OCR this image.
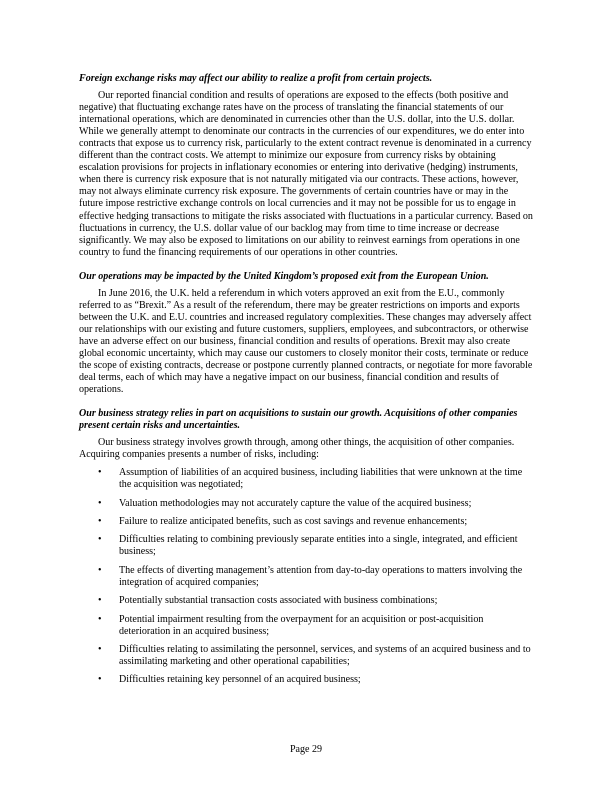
Foreign exchange risks may affect our ability to realize a profit from certain projects.

Our reported financial condition and results of operations are exposed to the effects (both positive and negative) that fluctuating exchange rates have on the process of translating the financial statements of our international operations, which are denominated in currencies other than the U.S. dollar, into the U.S. dollar. While we generally attempt to denominate our contracts in the currencies of our expenditures, we do enter into contracts that expose us to currency risk, particularly to the extent contract revenue is denominated in a currency different than the contract costs. We attempt to minimize our exposure from currency risks by obtaining escalation provisions for projects in inflationary economies or entering into derivative (hedging) instruments, when there is currency risk exposure that is not naturally mitigated via our contracts. These actions, however, may not always eliminate currency risk exposure. The governments of certain countries have or may in the future impose restrictive exchange controls on local currencies and it may not be possible for us to engage in effective hedging transactions to mitigate the risks associated with fluctuations in a particular currency. Based on fluctuations in currency, the U.S. dollar value of our backlog may from time to time increase or decrease significantly. We may also be exposed to limitations on our ability to reinvest earnings from operations in one country to fund the financing requirements of our operations in other countries.

Our operations may be impacted by the United Kingdom’s proposed exit from the European Union.

In June 2016, the U.K. held a referendum in which voters approved an exit from the E.U., commonly referred to as “Brexit.” As a result of the referendum, there may be greater restrictions on imports and exports between the U.K. and E.U. countries and increased regulatory complexities. These changes may adversely affect our relationships with our existing and future customers, suppliers, employees, and subcontractors, or otherwise have an adverse effect on our business, financial condition and results of operations. Brexit may also create global economic uncertainty, which may cause our customers to closely monitor their costs, terminate or reduce the scope of existing contracts, decrease or postpone currently planned contracts, or negotiate for more favorable deal terms, each of which may have a negative impact on our business, financial condition and results of operations.

Our business strategy relies in part on acquisitions to sustain our growth. Acquisitions of other companies present certain risks and uncertainties.

Our business strategy involves growth through, among other things, the acquisition of other companies. Acquiring companies presents a number of risks, including:

• Assumption of liabilities of an acquired business, including liabilities that were unknown at the time the acquisition was negotiated;
• Valuation methodologies may not accurately capture the value of the acquired business;
• Failure to realize anticipated benefits, such as cost savings and revenue enhancements;
• Difficulties relating to combining previously separate entities into a single, integrated, and efficient business;
• The effects of diverting management’s attention from day-to-day operations to matters involving the integration of acquired companies;
• Potentially substantial transaction costs associated with business combinations;
• Potential impairment resulting from the overpayment for an acquisition or post-acquisition deterioration in an acquired business;
• Difficulties relating to assimilating the personnel, services, and systems of an acquired business and to assimilating marketing and other operational capabilities;
• Difficulties retaining key personnel of an acquired business;
Page 29
